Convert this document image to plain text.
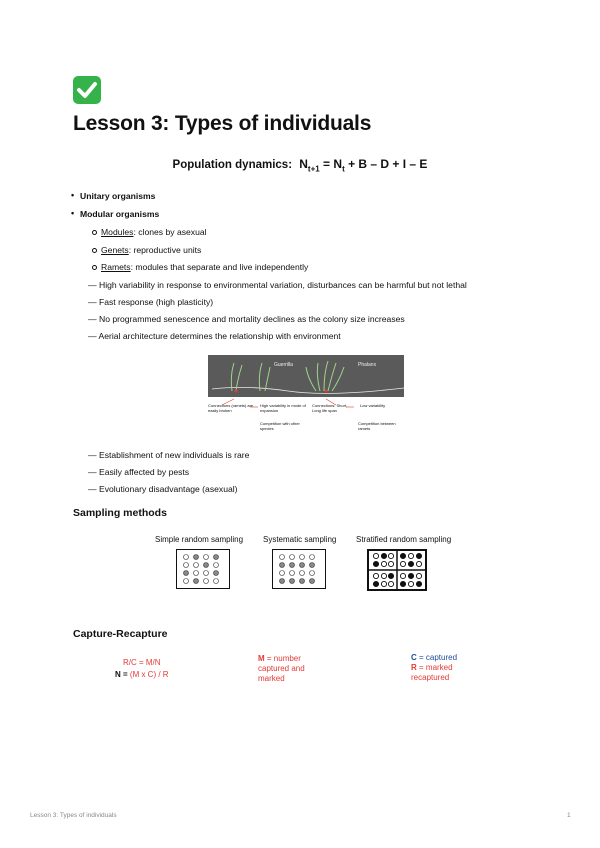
Lesson 3: Types of individuals
Population dynamics: $N_{t+1} = N_t + B - D + I - E$
• Unitary organisms
• Modular organisms
Modules: clones by asexual
Genets: reproductive units
Ramets: modules that separate and live independently
— High variability in response to environmental variation, disturbances can be harmful but not lethal
— Fast response (high plasticity)
— No programmed senescence and mortality declines as the colony size increases
— Aerial architecture determines the relationship with environment
Guerrilla	Phalanx
Connections (ramets) are easily broken
High variability in mode of expansion
Connections: Short, Long life span
Low variability
Competition with other species
Competition between ramets
— Establishment of new individuals is rare
— Easily affected by pests
— Evolutionary disadvantage (asexual)
Sampling methods
Simple random sampling Systematic sampling Stratified random sampling
Capture-Recapture
R/C = M/N
N = (M x C) / R
M = number captured and marked
C = captured
R = marked recaptured
Lesson 3: Types of individuals	1
